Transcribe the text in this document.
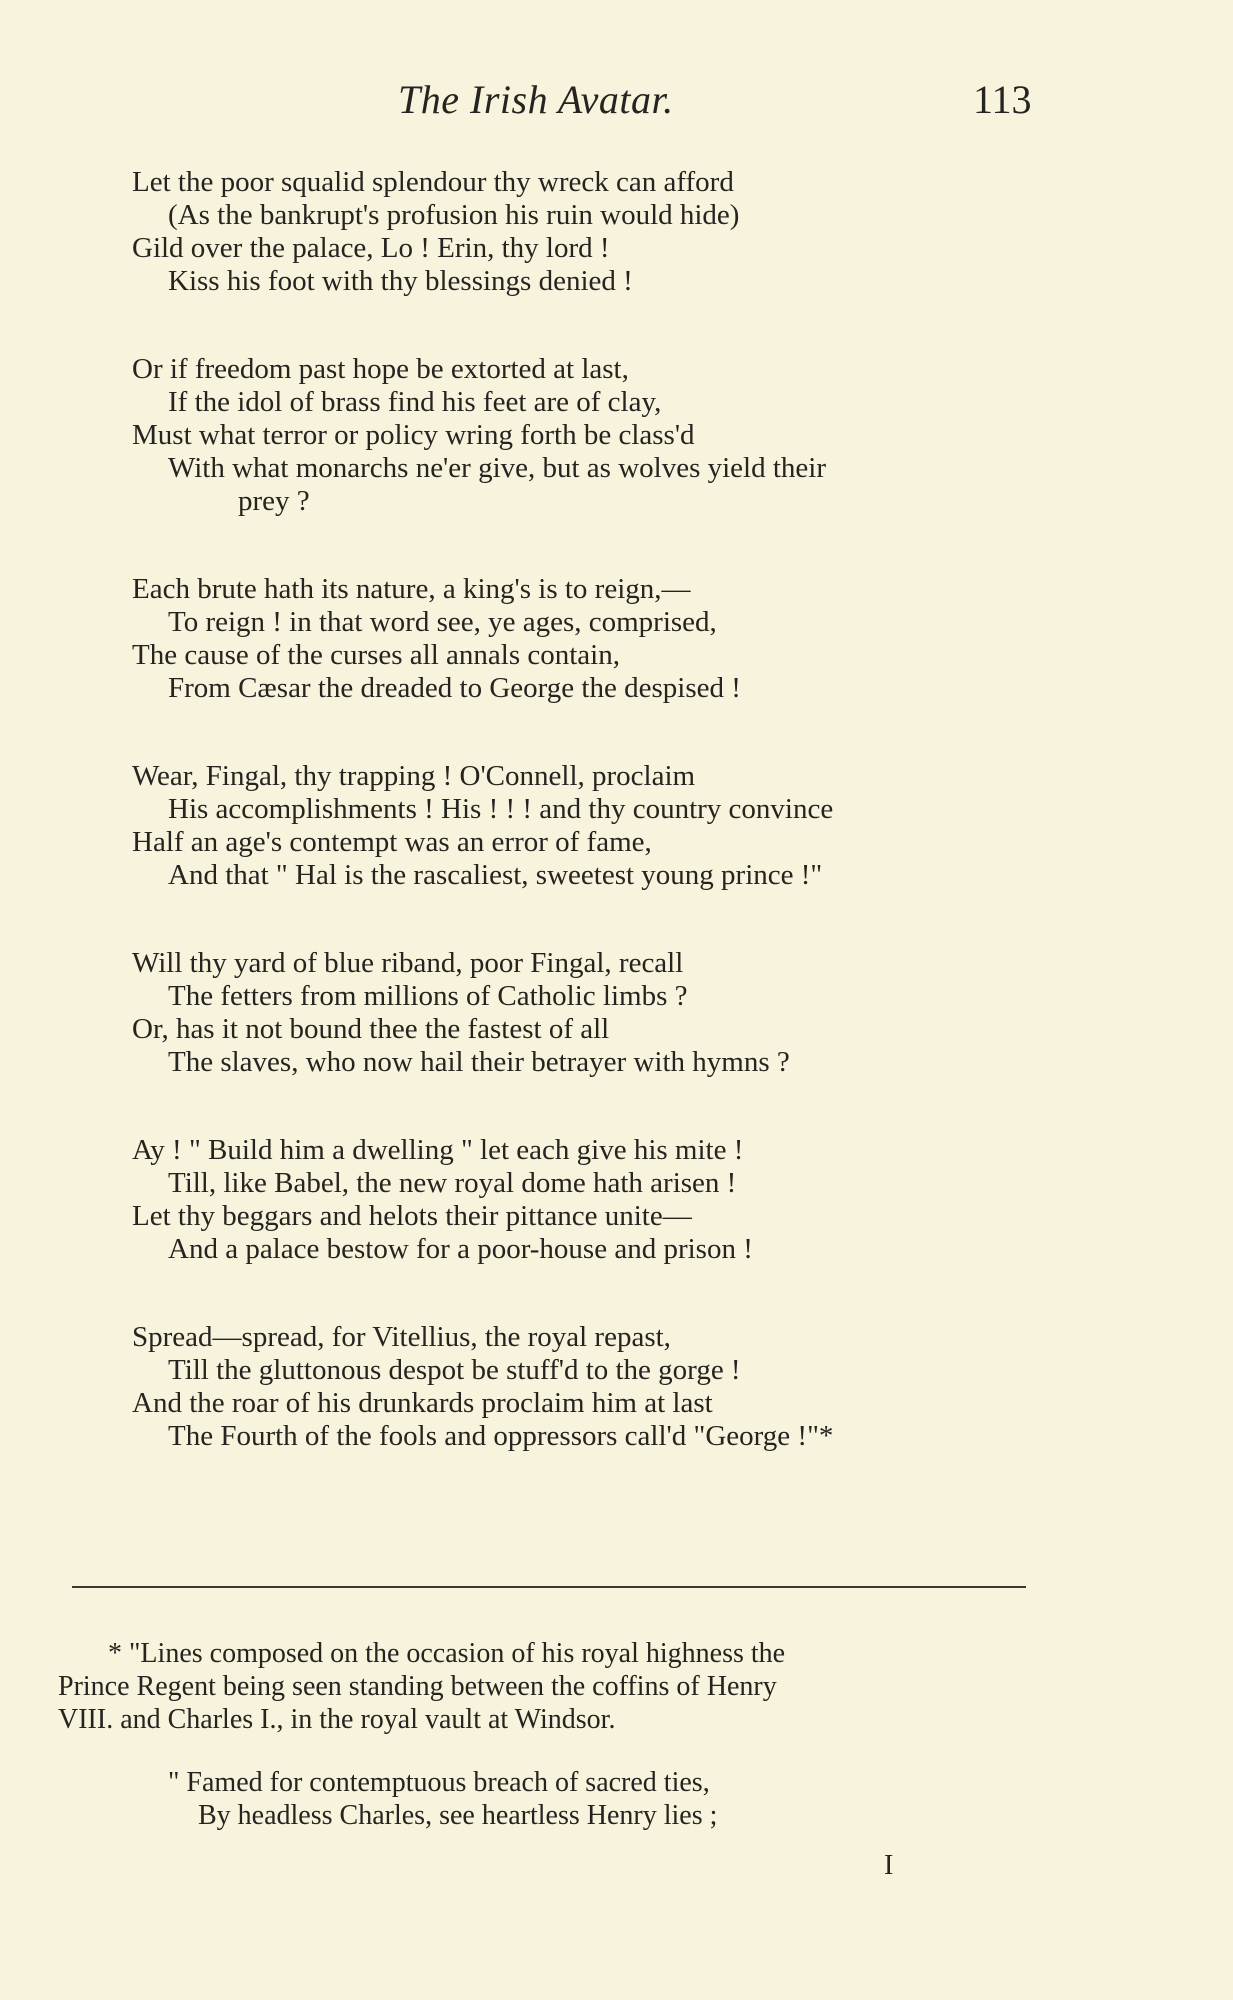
The Irish Avatar.	113
Let the poor squalid splendour thy wreck can afford
(As the bankrupt's profusion his ruin would hide)
Gild over the palace, Lo ! Erin, thy lord !
Kiss his foot with thy blessings denied !
Or if freedom past hope be extorted at last,
If the idol of brass find his feet are of clay,
Must what terror or policy wring forth be class'd
With what monarchs ne'er give, but as wolves yield their
prey ?
Each brute hath its nature, a king's is to reign,—
To reign ! in that word see, ye ages, comprised,
The cause of the curses all annals contain,
From Cæsar the dreaded to George the despised !
Wear, Fingal, thy trapping ! O'Connell, proclaim
His accomplishments ! His ! ! ! and thy country convince
Half an age's contempt was an error of fame,
And that " Hal is the rascaliest, sweetest young prince !"
Will thy yard of blue riband, poor Fingal, recall
The fetters from millions of Catholic limbs ?
Or, has it not bound thee the fastest of all
The slaves, who now hail their betrayer with hymns ?
Ay ! " Build him a dwelling " let each give his mite !
Till, like Babel, the new royal dome hath arisen !
Let thy beggars and helots their pittance unite—
And a palace bestow for a poor-house and prison !
Spread—spread, for Vitellius, the royal repast,
Till the gluttonous despot be stuff'd to the gorge !
And the roar of his drunkards proclaim him at last
The Fourth of the fools and oppressors call'd "George !"*
* "Lines composed on the occasion of his royal highness the
Prince Regent being seen standing between the coffins of Henry
VIII. and Charles I., in the royal vault at Windsor.
" Famed for contemptuous breach of sacred ties,
By headless Charles, see heartless Henry lies ;
I
